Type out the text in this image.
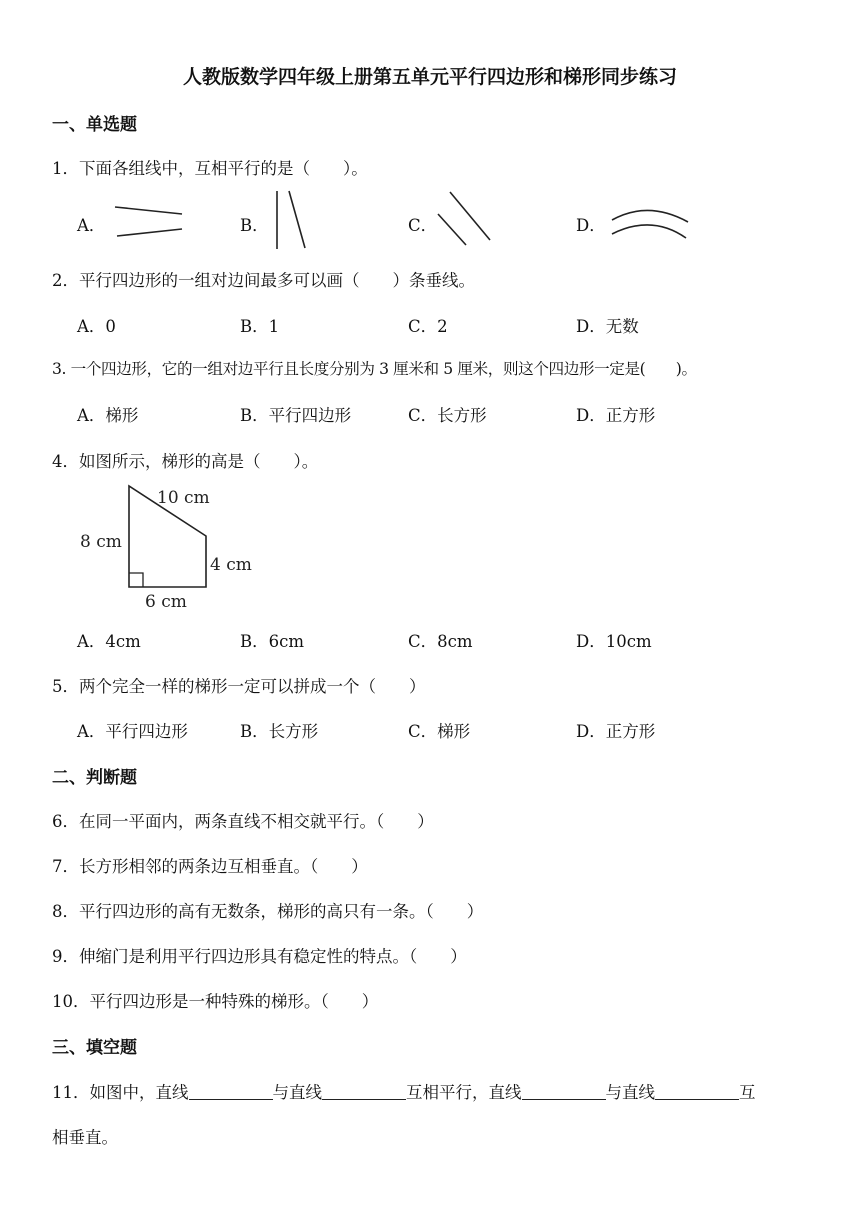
人教版数学四年级上册第五单元平行四边形和梯形同步练习
一、单选题
1．下面各组线中，互相平行的是（　　）。
A．	B．	C．	D．
2．平行四边形的一组对边间最多可以画（　　）条垂线。
A．0	B．1	C．2	D．无数
3. 一个四边形，它的一组对边平行且长度分别为 3 厘米和 5 厘米，则这个四边形一定是(　　)。
A．梯形	B．平行四边形	C．长方形	D．正方形
4．如图所示，梯形的高是（　　）。
10 cm
8 cm
4 cm
6 cm
A．4cm	B．6cm	C．8cm	D．10cm
5．两个完全一样的梯形一定可以拼成一个（　　）
A．平行四边形	B．长方形	C．梯形	D．正方形
二、判断题
6．在同一平面内，两条直线不相交就平行。（　　）
7．长方形相邻的两条边互相垂直。（　　）
8．平行四边形的高有无数条，梯形的高只有一条。（　　）
9．伸缩门是利用平行四边形具有稳定性的特点。（　　）
10．平行四边形是一种特殊的梯形。（　　）
三、填空题
11．如图中，直线	与直线	互相平行，直线	与直线	互
相垂直。
